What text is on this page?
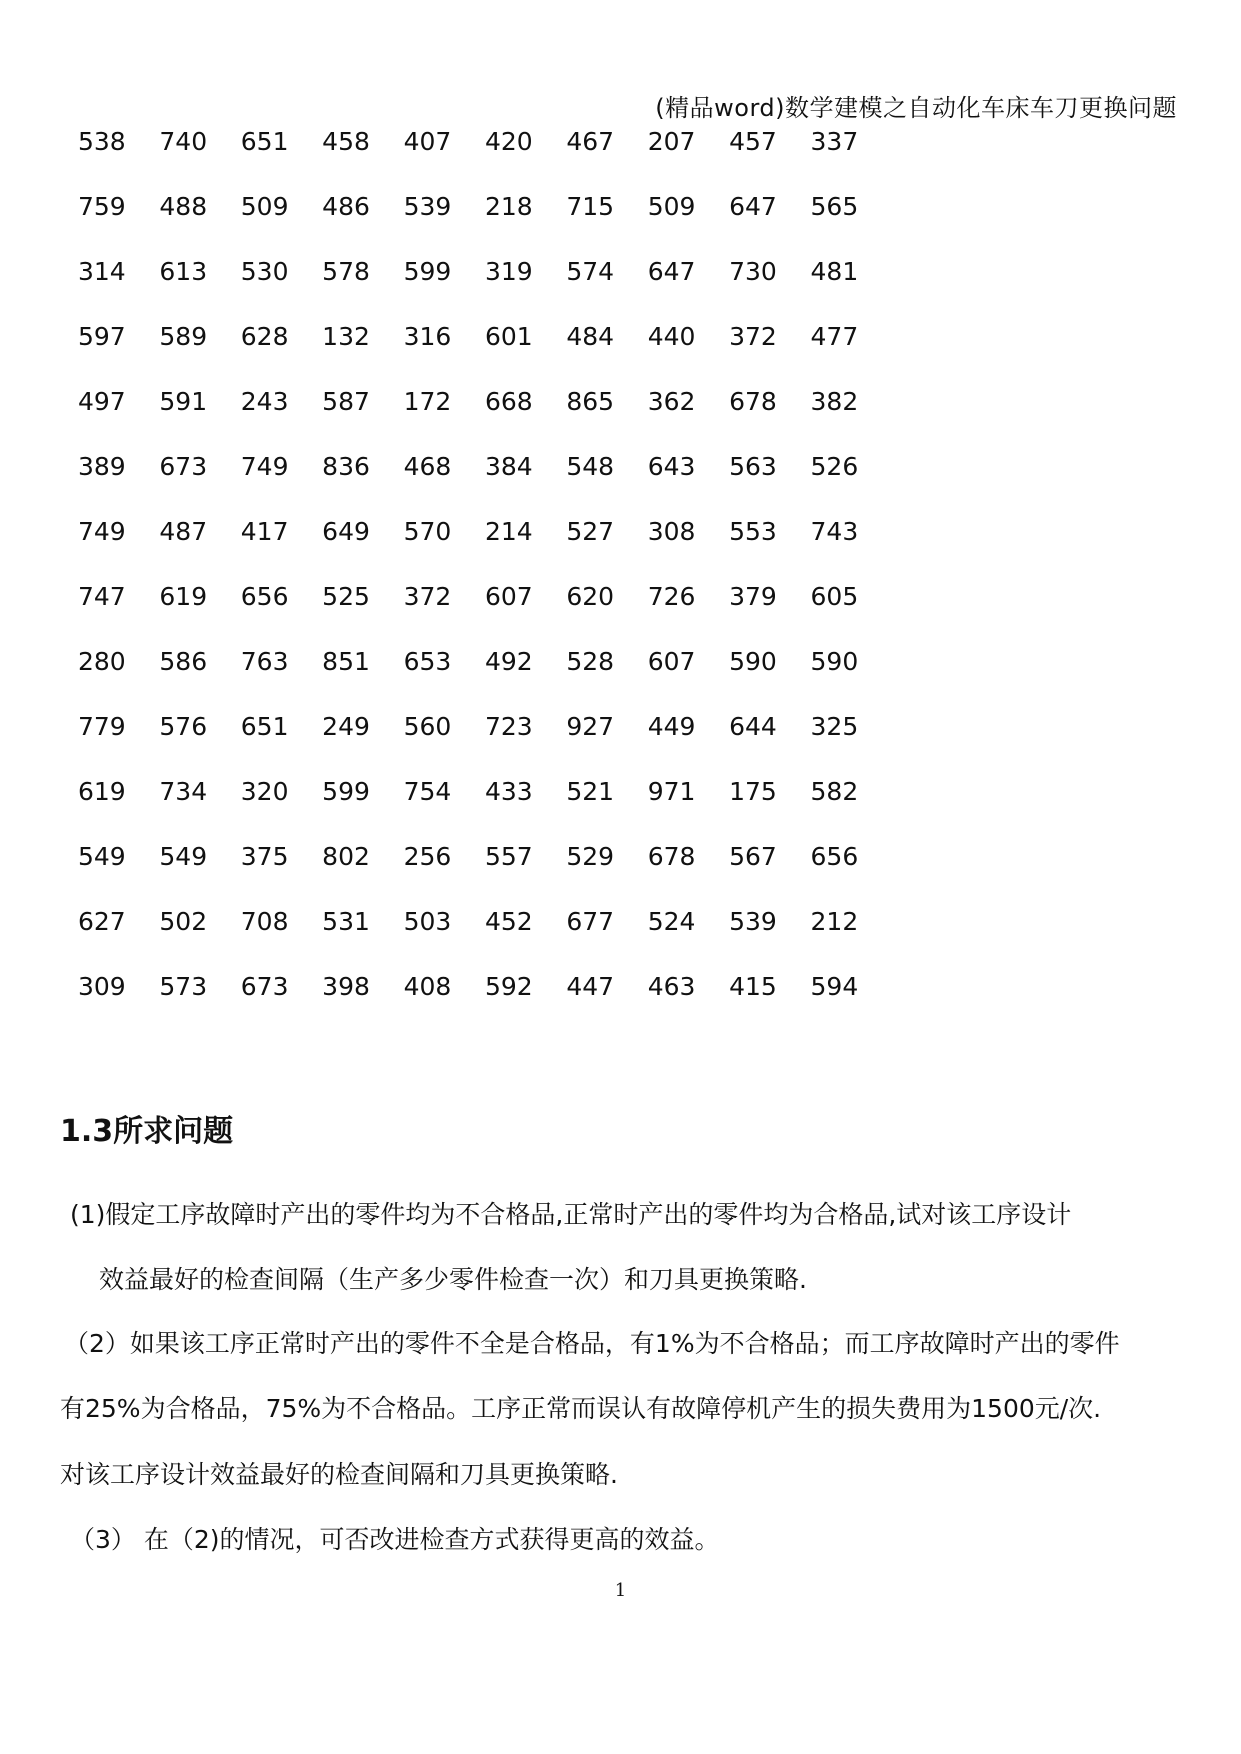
(精品word)数学建模之自动化车床车刀更换问题
538	740	651	458	407	420	467	207	457	337
759	488	509	486	539	218	715	509	647	565
314	613	530	578	599	319	574	647	730	481
597	589	628	132	316	601	484	440	372	477
497	591	243	587	172	668	865	362	678	382
389	673	749	836	468	384	548	643	563	526
749	487	417	649	570	214	527	308	553	743
747	619	656	525	372	607	620	726	379	605
280	586	763	851	653	492	528	607	590	590
779	576	651	249	560	723	927	449	644	325
619	734	320	599	754	433	521	971	175	582
549	549	375	802	256	557	529	678	567	656
627	502	708	531	503	452	677	524	539	212
309	573	673	398	408	592	447	463	415	594
1.3所求问题
(1)假定工序故障时产出的零件均为不合格品,正常时产出的零件均为合格品,试对该工序设计
效益最好的检查间隔（生产多少零件检查一次）和刀具更换策略.
（2）如果该工序正常时产出的零件不全是合格品，有1%为不合格品；而工序故障时产出的零件
有25%为合格品，75%为不合格品。工序正常而误认有故障停机产生的损失费用为1500元/次.
对该工序设计效益最好的检查间隔和刀具更换策略.
（3） 在（2)的情况，可否改进检查方式获得更高的效益。
1
